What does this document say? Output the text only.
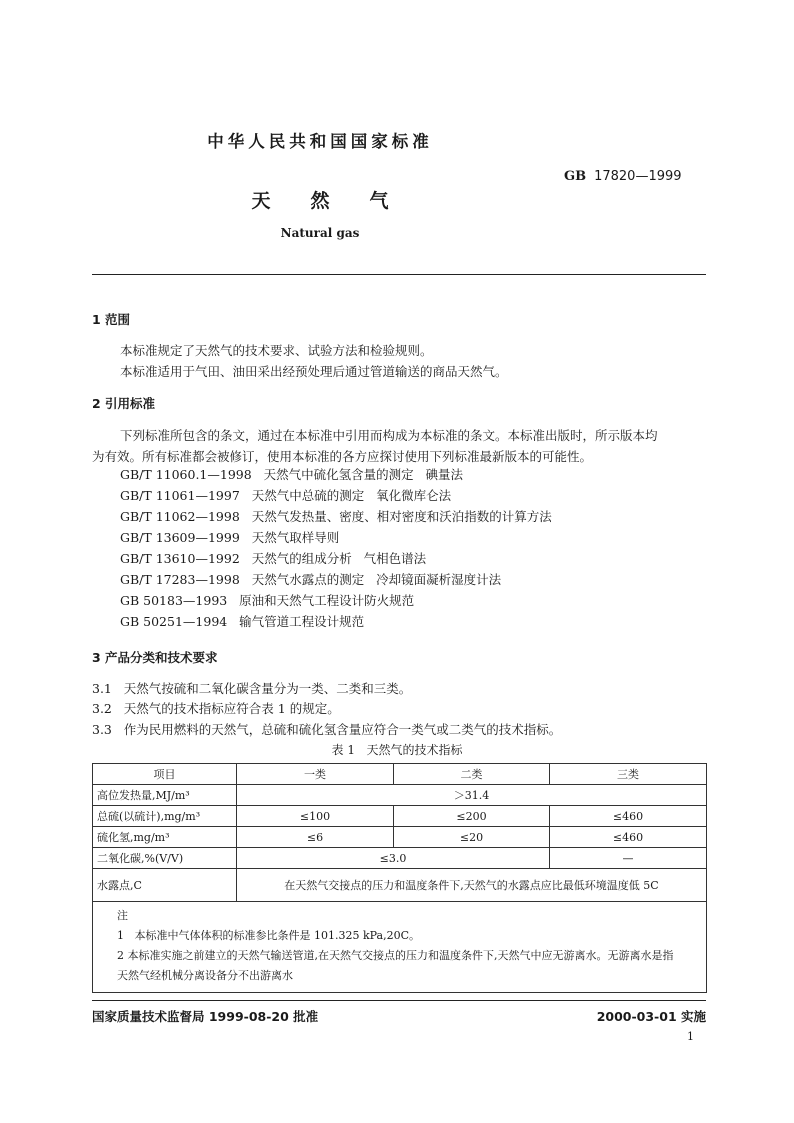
中华人民共和国国家标准
GB 17820—1999
天然气
Natural gas
1 范围
本标准规定了天然气的技术要求、试验方法和检验规则。
本标准适用于气田、油田采出经预处理后通过管道输送的商品天然气。
2 引用标准
下列标准所包含的条文，通过在本标准中引用而构成为本标准的条文。本标准出版时，所示版本均
为有效。所有标准都会被修订，使用本标准的各方应探讨使用下列标准最新版本的可能性。
GB/T 11060.1—1998   天然气中硫化氢含量的测定   碘量法
GB/T 11061—1997   天然气中总硫的测定   氧化微库仑法
GB/T 11062—1998   天然气发热量、密度、相对密度和沃泊指数的计算方法
GB/T 13609—1999   天然气取样导则
GB/T 13610—1992   天然气的组成分析   气相色谱法
GB/T 17283—1998   天然气水露点的测定   冷却镜面凝析湿度计法
GB 50183—1993   原油和天然气工程设计防火规范
GB 50251—1994   输气管道工程设计规范
3 产品分类和技术要求
3.1   天然气按硫和二氧化碳含量分为一类、二类和三类。
3.2   天然气的技术指标应符合表 1 的规定。
3.3   作为民用燃料的天然气，总硫和硫化氢含量应符合一类气或二类气的技术指标。
表 1   天然气的技术指标
项目	一类	二类	三类
高位发热量,MJ/m³	＞31.4		
总硫(以硫计),mg/m³	≤100	≤200	≤460
硫化氢,mg/m³	≤6	≤20	≤460
二氧化碳,%(V/V)	≤3.0		—
水露点,C	在天然气交接点的压力和温度条件下,天然气的水露点应比最低环境温度低 5C		

注
1   本标准中气体体积的标准参比条件是 101.325 kPa,20C。
2 本标准实施之前建立的天然气输送管道,在天然气交接点的压力和温度条件下,天然气中应无游离水。无游离水是指天然气经机械分离设备分不出游离水			
国家质量技术监督局 1999-08-20 批准	2000-03-01 实施
1
